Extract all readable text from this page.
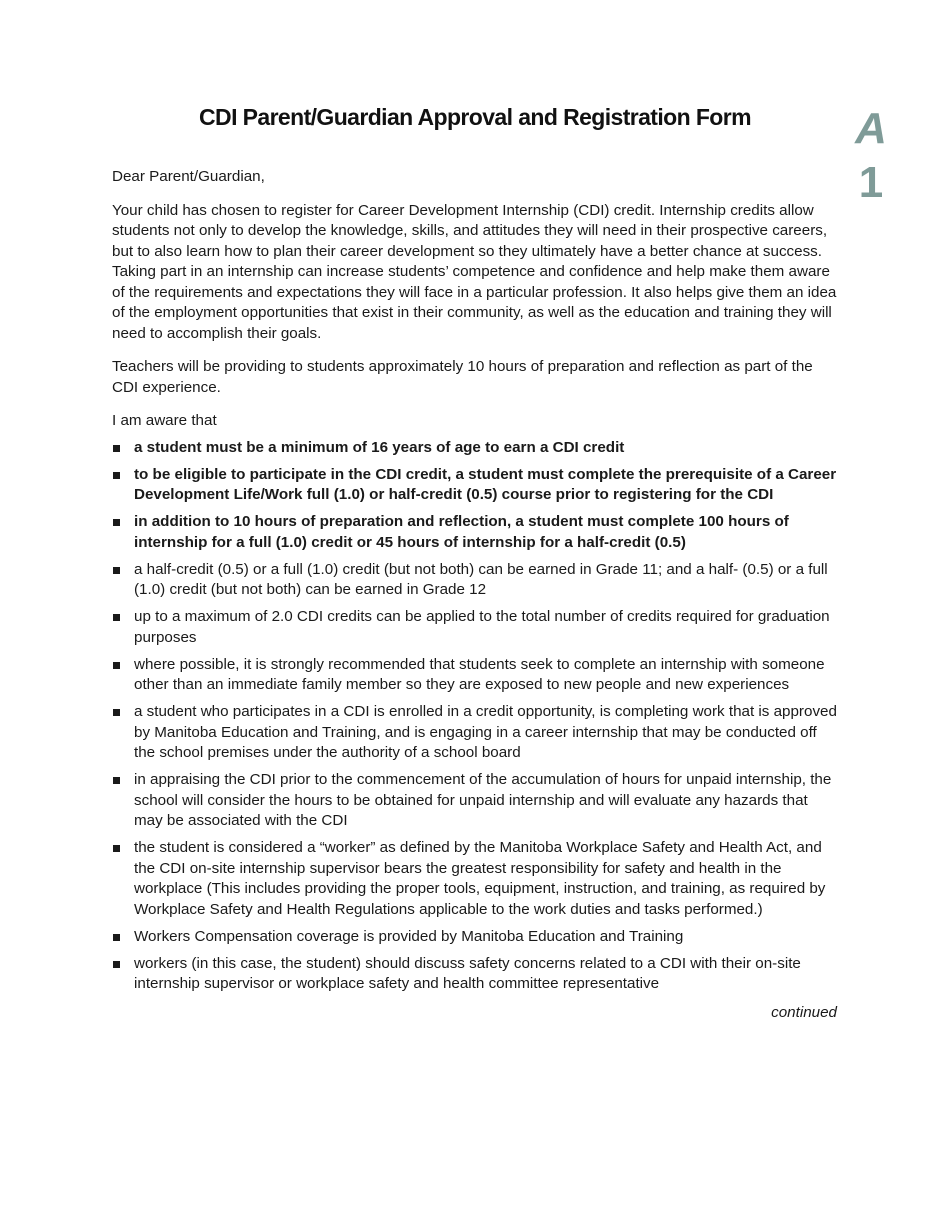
CDI Parent/Guardian Approval and Registration Form	A
1

Dear Parent/Guardian,

Your child has chosen to register for Career Development Internship (CDI) credit. Internship credits allow students not only to develop the knowledge, skills, and attitudes they will need in their prospective careers, but to also learn how to plan their career development so they ultimately have a better chance at success. Taking part in an internship can increase students’ competence and confidence and help make them aware of the requirements and expectations they will face in a particular profession. It also helps give them an idea of the employment opportunities that exist in their community, as well as the education and training they will need to accomplish their goals.

Teachers will be providing to students approximately 10 hours of preparation and reflection as part of the CDI experience.

I am aware that

a student must be a minimum of 16 years of age to earn a CDI credit
to be eligible to participate in the CDI credit, a student must complete the prerequisite of a Career Development Life/Work full (1.0) or half-credit (0.5) course prior to registering for the CDI
in addition to 10 hours of preparation and reflection, a student must complete 100 hours of internship for a full (1.0) credit or 45 hours of internship for a half-credit (0.5)
a half-credit (0.5) or a full (1.0) credit (but not both) can be earned in Grade 11; and a half- (0.5) or a full (1.0) credit (but not both) can be earned in Grade 12
up to a maximum of 2.0 CDI credits can be applied to the total number of credits required for graduation purposes
where possible, it is strongly recommended that students seek to complete an internship with someone other than an immediate family member so they are exposed to new people and new experiences
a student who participates in a CDI is enrolled in a credit opportunity, is completing work that is approved by Manitoba Education and Training, and is engaging in a career internship that may be conducted off the school premises under the authority of a school board
in appraising the CDI prior to the commencement of the accumulation of hours for unpaid internship, the school will consider the hours to be obtained for unpaid internship and will evaluate any hazards that may be associated with the CDI
the student is considered a “worker” as defined by the Manitoba Workplace Safety and Health Act, and the CDI on-site internship supervisor bears the greatest responsibility for safety and health in the workplace (This includes providing the proper tools, equipment, instruction, and training, as required by Workplace Safety and Health Regulations applicable to the work duties and tasks performed.)
Workers Compensation coverage is provided by Manitoba Education and Training
workers (in this case, the student) should discuss safety concerns related to a CDI with their on-site internship supervisor or workplace safety and health committee representative
continued
